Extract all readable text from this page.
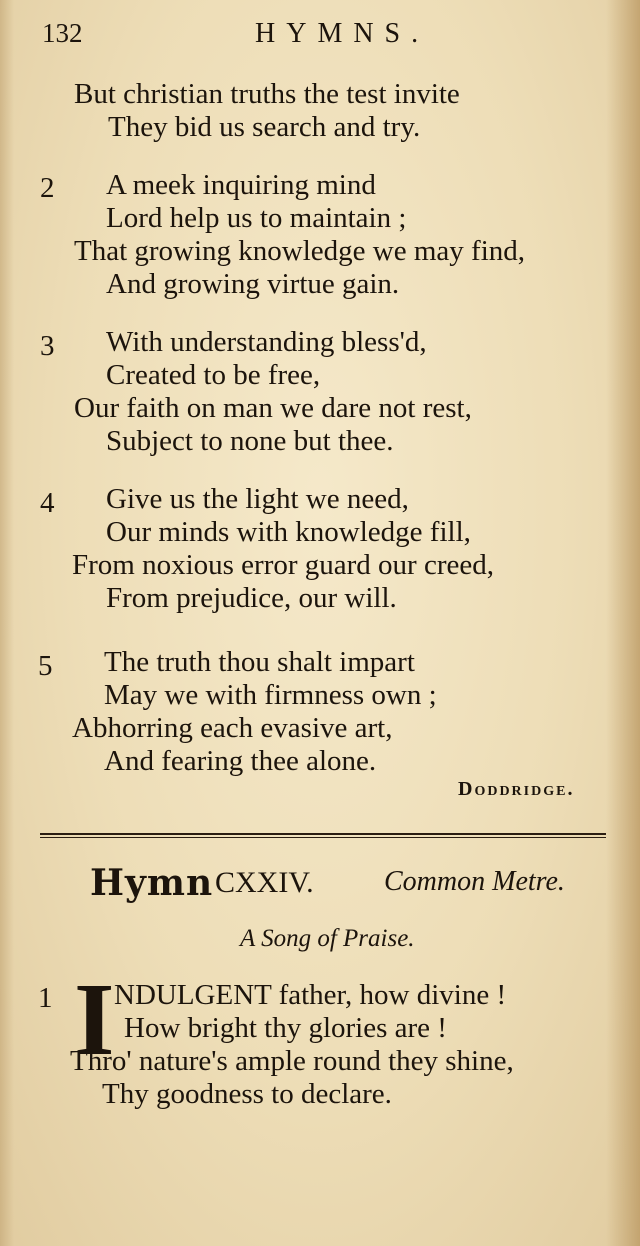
132	HYMNS.
But christian truths the test invite
They bid us search and try.
2 A meek inquiring mind
Lord help us to maintain ;
That growing knowledge we may find,
And growing virtue gain.
3 With understanding bless'd,
Created to be free,
Our faith on man we dare not rest,
Subject to none but thee.
4 Give us the light we need,
Our minds with knowledge fill,
From noxious error guard our creed,
From prejudice, our will.
5 The truth thou shalt impart
May we with firmness own ;
Abhorring each evasive art,
And fearing thee alone.
Doddridge.
Hymn CXXIV.	Common Metre.
A Song of Praise.
1 I NDULGENT father, how divine !
How bright thy glories are !
Thro' nature's ample round they shine,
Thy goodness to declare.
